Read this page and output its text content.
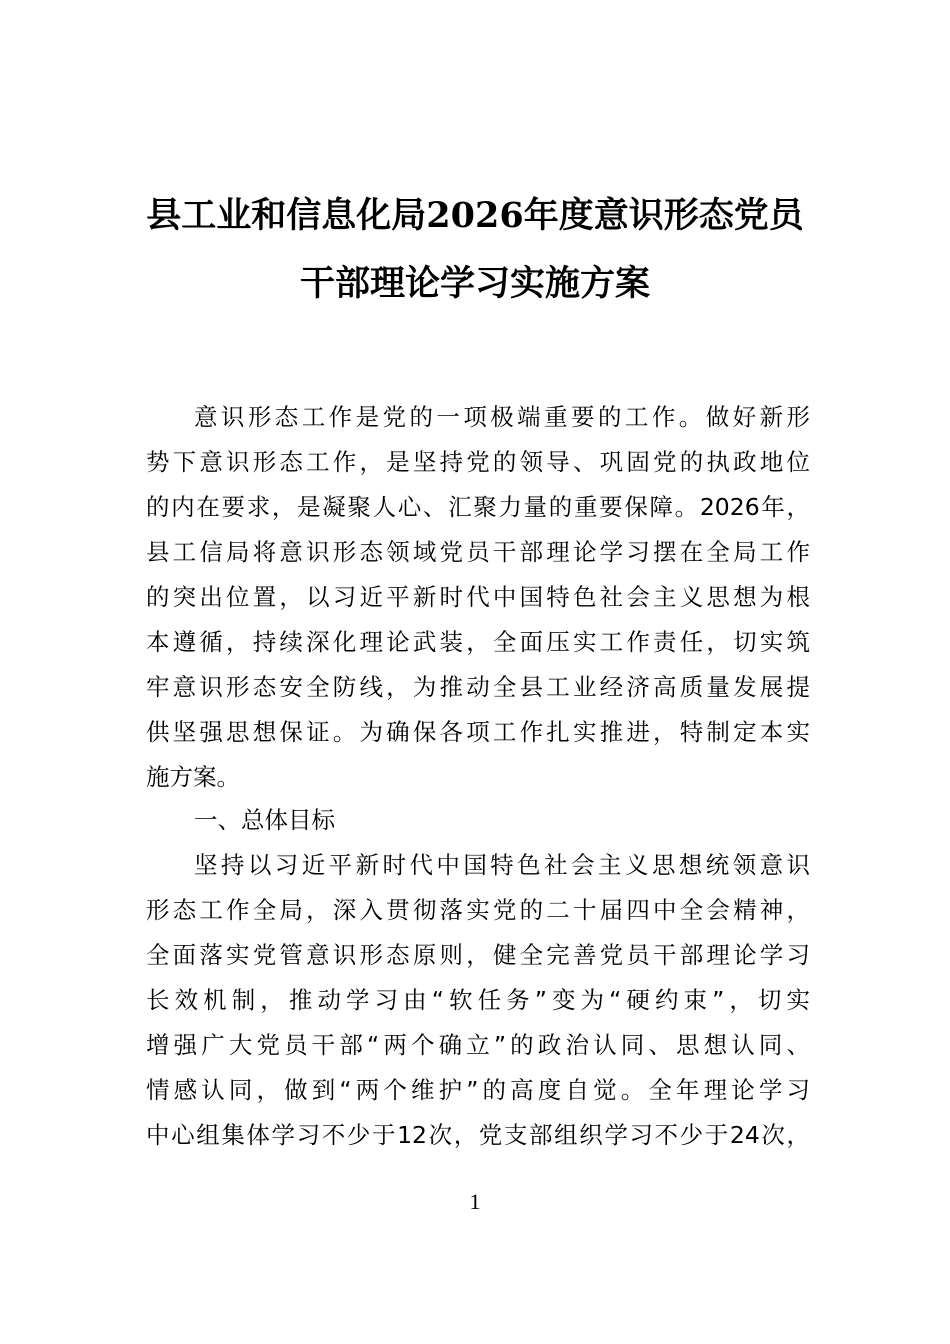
县工业和信息化局2026年度意识形态党员
干部理论学习实施方案
意识形态工作是党的一项极端重要的工作。做好新形
势下意识形态工作，是坚持党的领导、巩固党的执政地位
的内在要求，是凝聚人心、汇聚力量的重要保障。2026年，
县工信局将意识形态领域党员干部理论学习摆在全局工作
的突出位置，以习近平新时代中国特色社会主义思想为根
本遵循，持续深化理论武装，全面压实工作责任，切实筑
牢意识形态安全防线，为推动全县工业经济高质量发展提
供坚强思想保证。为确保各项工作扎实推进，特制定本实
施方案。
一、总体目标
坚持以习近平新时代中国特色社会主义思想统领意识
形态工作全局，深入贯彻落实党的二十届四中全会精神，
全面落实党管意识形态原则，健全完善党员干部理论学习
长效机制，推动学习由“软任务”变为“硬约束”，切实
增强广大党员干部“两个确立”的政治认同、思想认同、
情感认同，做到“两个维护”的高度自觉。全年理论学习
中心组集体学习不少于12次，党支部组织学习不少于24次，
1
